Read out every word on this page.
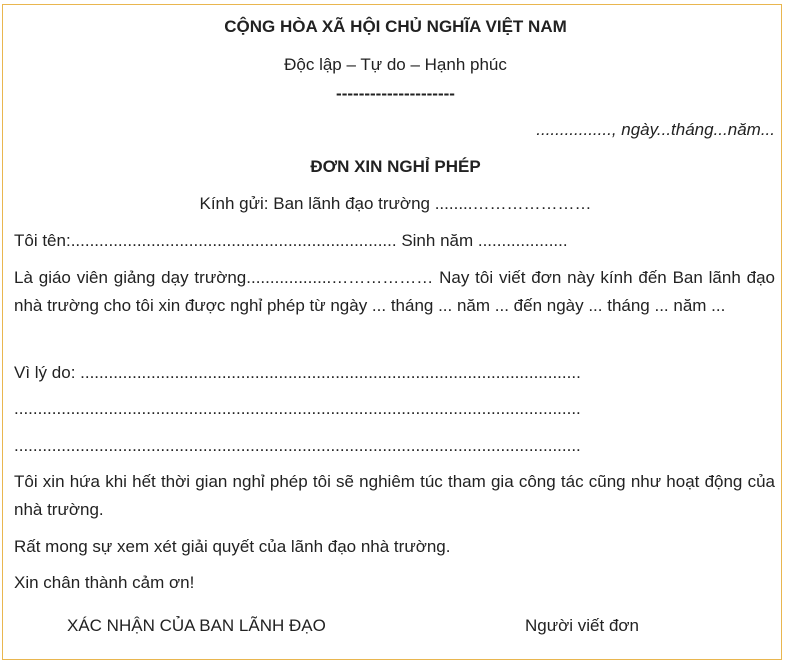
CỘNG HÒA XÃ HỘI CHỦ NGHĨA VIỆT NAM
Độc lập – Tự do – Hạnh phúc
---------------------
................, ngày...tháng...năm...
ĐƠN XIN NGHỈ PHÉP
Kính gửi: Ban lãnh đạo trường ........…………………
Tôi tên:..................................................................... Sinh năm ...................
Là giáo viên giảng dạy trường..................……………… Nay tôi viết đơn này kính đến Ban lãnh đạo nhà trường cho tôi xin được nghỉ phép từ ngày ... tháng ... năm ... đến ngày ... tháng ... năm ...
Vì lý do: ..........................................................................................................
........................................................................................................................
........................................................................................................................
Tôi xin hứa khi hết thời gian nghỉ phép tôi sẽ nghiêm túc tham gia công tác cũng như hoạt động của nhà trường.
Rất mong sự xem xét giải quyết của lãnh đạo nhà trường.
Xin chân thành cảm ơn!
XÁC NHẬN CỦA BAN LÃNH ĐẠO	Người viết đơn
